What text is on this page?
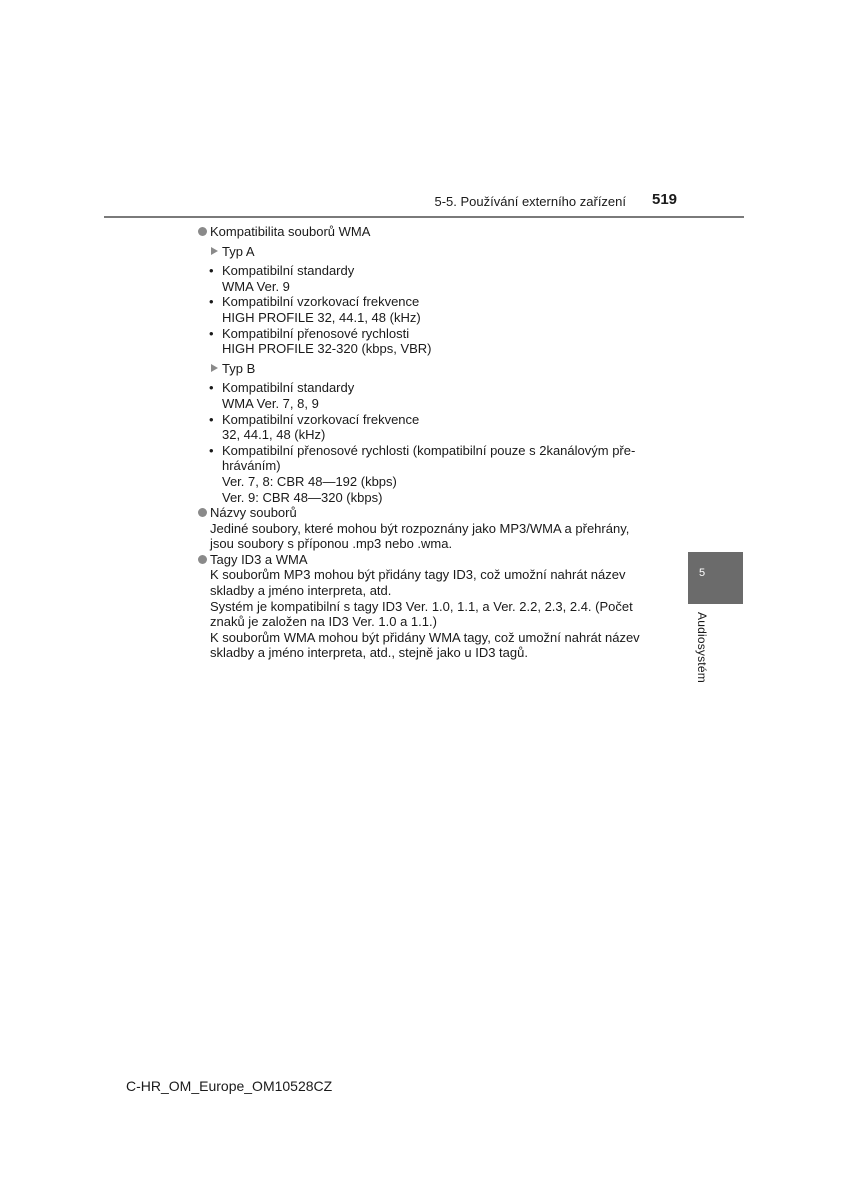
5-5. Používání externího zařízení 519
5
Audiosystém
Kompatibilita souborů WMA
Typ A
• Kompatibilní standardy
WMA Ver. 9
• Kompatibilní vzorkovací frekvence
HIGH PROFILE 32, 44.1, 48 (kHz)
• Kompatibilní přenosové rychlosti
HIGH PROFILE 32-320 (kbps, VBR)
Typ B
• Kompatibilní standardy
WMA Ver. 7, 8, 9
• Kompatibilní vzorkovací frekvence
32, 44.1, 48 (kHz)
• Kompatibilní přenosové rychlosti (kompatibilní pouze s 2kanálovým pře-
hráváním)
Ver. 7, 8: CBR 48—192 (kbps)
Ver. 9: CBR 48—320 (kbps)
Názvy souborů
Jediné soubory, které mohou být rozpoznány jako MP3/WMA a přehrány,
jsou soubory s příponou .mp3 nebo .wma.
Tagy ID3 a WMA
K souborům MP3 mohou být přidány tagy ID3, což umožní nahrát název
skladby a jméno interpreta, atd.
Systém je kompatibilní s tagy ID3 Ver. 1.0, 1.1, a Ver. 2.2, 2.3, 2.4. (Počet
znaků je založen na ID3 Ver. 1.0 a 1.1.)
K souborům WMA mohou být přidány WMA tagy, což umožní nahrát název
skladby a jméno interpreta, atd., stejně jako u ID3 tagů.
C-HR_OM_Europe_OM10528CZ
